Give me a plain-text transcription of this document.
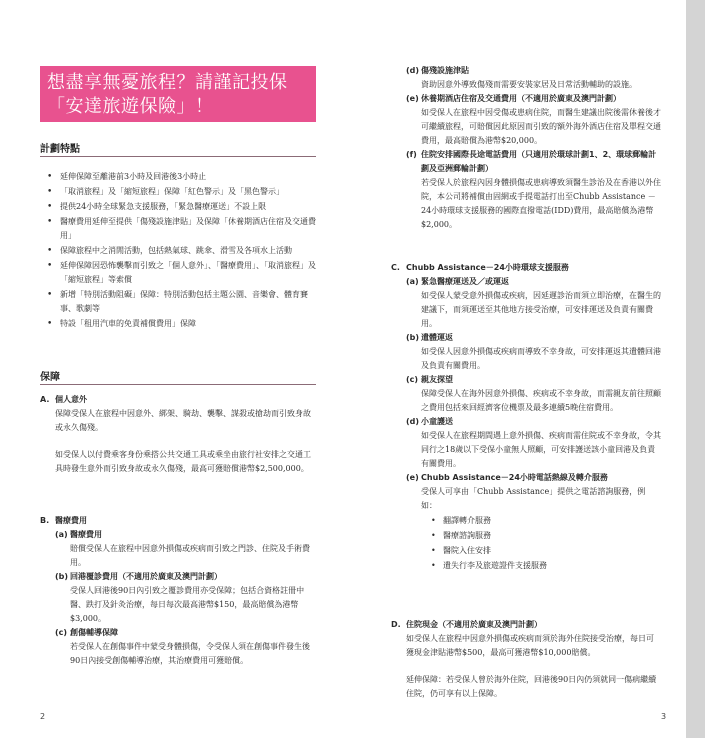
想盡享無憂旅程？請謹記投保
「安達旅遊保險」！
計劃特點
• 延伸保障至離港前3小時及回港後3小時止
• 「取消旅程」及「縮短旅程」保障「紅色警示」及「黑色警示」
• 提供24小時全球緊急支援服務，「緊急醫療運送」不設上限
• 醫療費用延伸至提供「傷殘設施津貼」及保障「休養期酒店住宿及交通費用」
• 保障旅程中之消閒活動，包括熱氣球、跳傘、滑雪及各項水上活動
• 延伸保障因恐怖襲擊而引致之「個人意外」、「醫療費用」、「取消旅程」及「縮短旅程」等索償
• 新增「特別活動阻礙」保障：特別活動包括主題公園、音樂會、體育賽事、歌劇等
• 特設「租用汽車的免責補償費用」保障
保障
A. 個人意外
保障受保人在旅程中因意外、綁架、騎劫、襲擊、謀殺或搶劫而引致身故或永久傷殘。
如受保人以付費乘客身份乘搭公共交通工具或乘坐由旅行社安排之交通工具時發生意外而引致身故或永久傷殘，最高可獲賠償港幣$2,500,000。
B. 醫療費用
(a) 醫療費用
賠償受保人在旅程中因意外損傷或疾病而引致之門診、住院及手術費用。
(b) 回港覆診費用（不適用於廣東及澳門計劃）
受保人回港後90日內引致之覆診費用亦受保障；包括合資格註冊中醫、跌打及針灸治療，每日每次最高港幣$150，最高賠償為港幣$3,000。
(c) 創傷輔導保障
若受保人在創傷事件中蒙受身體損傷，令受保人須在創傷事件發生後90日內接受創傷輔導治療，其治療費用可獲賠償。
(d) 傷殘設施津貼
資助因意外導致傷殘而需要安裝家居及日常活動輔助的設施。
(e) 休養期酒店住宿及交通費用（不適用於廣東及澳門計劃）
如受保人在旅程中因受傷或患病住院，而醫生建議出院後需休養後才可繼續旅程，可賠償因此原因而引致的額外海外酒店住宿及單程交通費用，最高賠償為港幣$20,000。
(f) 住院安排國際長途電話費用（只適用於環球計劃1、2、環球郵輪計劃及亞洲郵輪計劃）
若受保人於旅程內因身體損傷或患病導致須醫生診治及在香港以外住院，本公司將補償由固網或手提電話打出至Chubb Assistance － 24小時環球支援服務的國際直撥電話(IDD)費用，最高賠償為港幣$2,000。
C. Chubb Assistance－24小時環球支援服務
(a) 緊急醫療運送及／或運返
如受保人蒙受意外損傷或疾病，因延遲診治而須立即治療，在醫生的建議下，而須運送至其他地方接受治療，可安排運送及負責有關費用。
(b) 遺體運返
如受保人因意外損傷或疾病而導致不幸身故，可安排運返其遺體回港及負責有關費用。
(c) 親友探望
保障受保人在海外因意外損傷、疾病或不幸身故，而需親友前往照顧之費用包括來回經濟客位機票及最多連續5晚住宿費用。
(d) 小童護送
如受保人在旅程期間遇上意外損傷、疾病而需住院或不幸身故，令其同行之18歲以下受保小童無人照顧，可安排護送該小童回港及負責有關費用。
(e) Chubb Assistance－24小時電話熱線及轉介服務
受保人可享由「Chubb Assistance」提供之電話諮詢服務，例如：
• 翻譯轉介服務
• 醫療諮詢服務
• 醫院入住安排
• 遺失行李及旅遊證件支援服務
D. 住院現金（不適用於廣東及澳門計劃）
如受保人在旅程中因意外損傷或疾病而須於海外住院接受治療，每日可獲現金津貼港幣$500，最高可獲港幣$10,000賠償。
延伸保障：若受保人曾於海外住院，回港後90日內仍須就同一傷病繼續住院，仍可享有以上保障。
2	3
